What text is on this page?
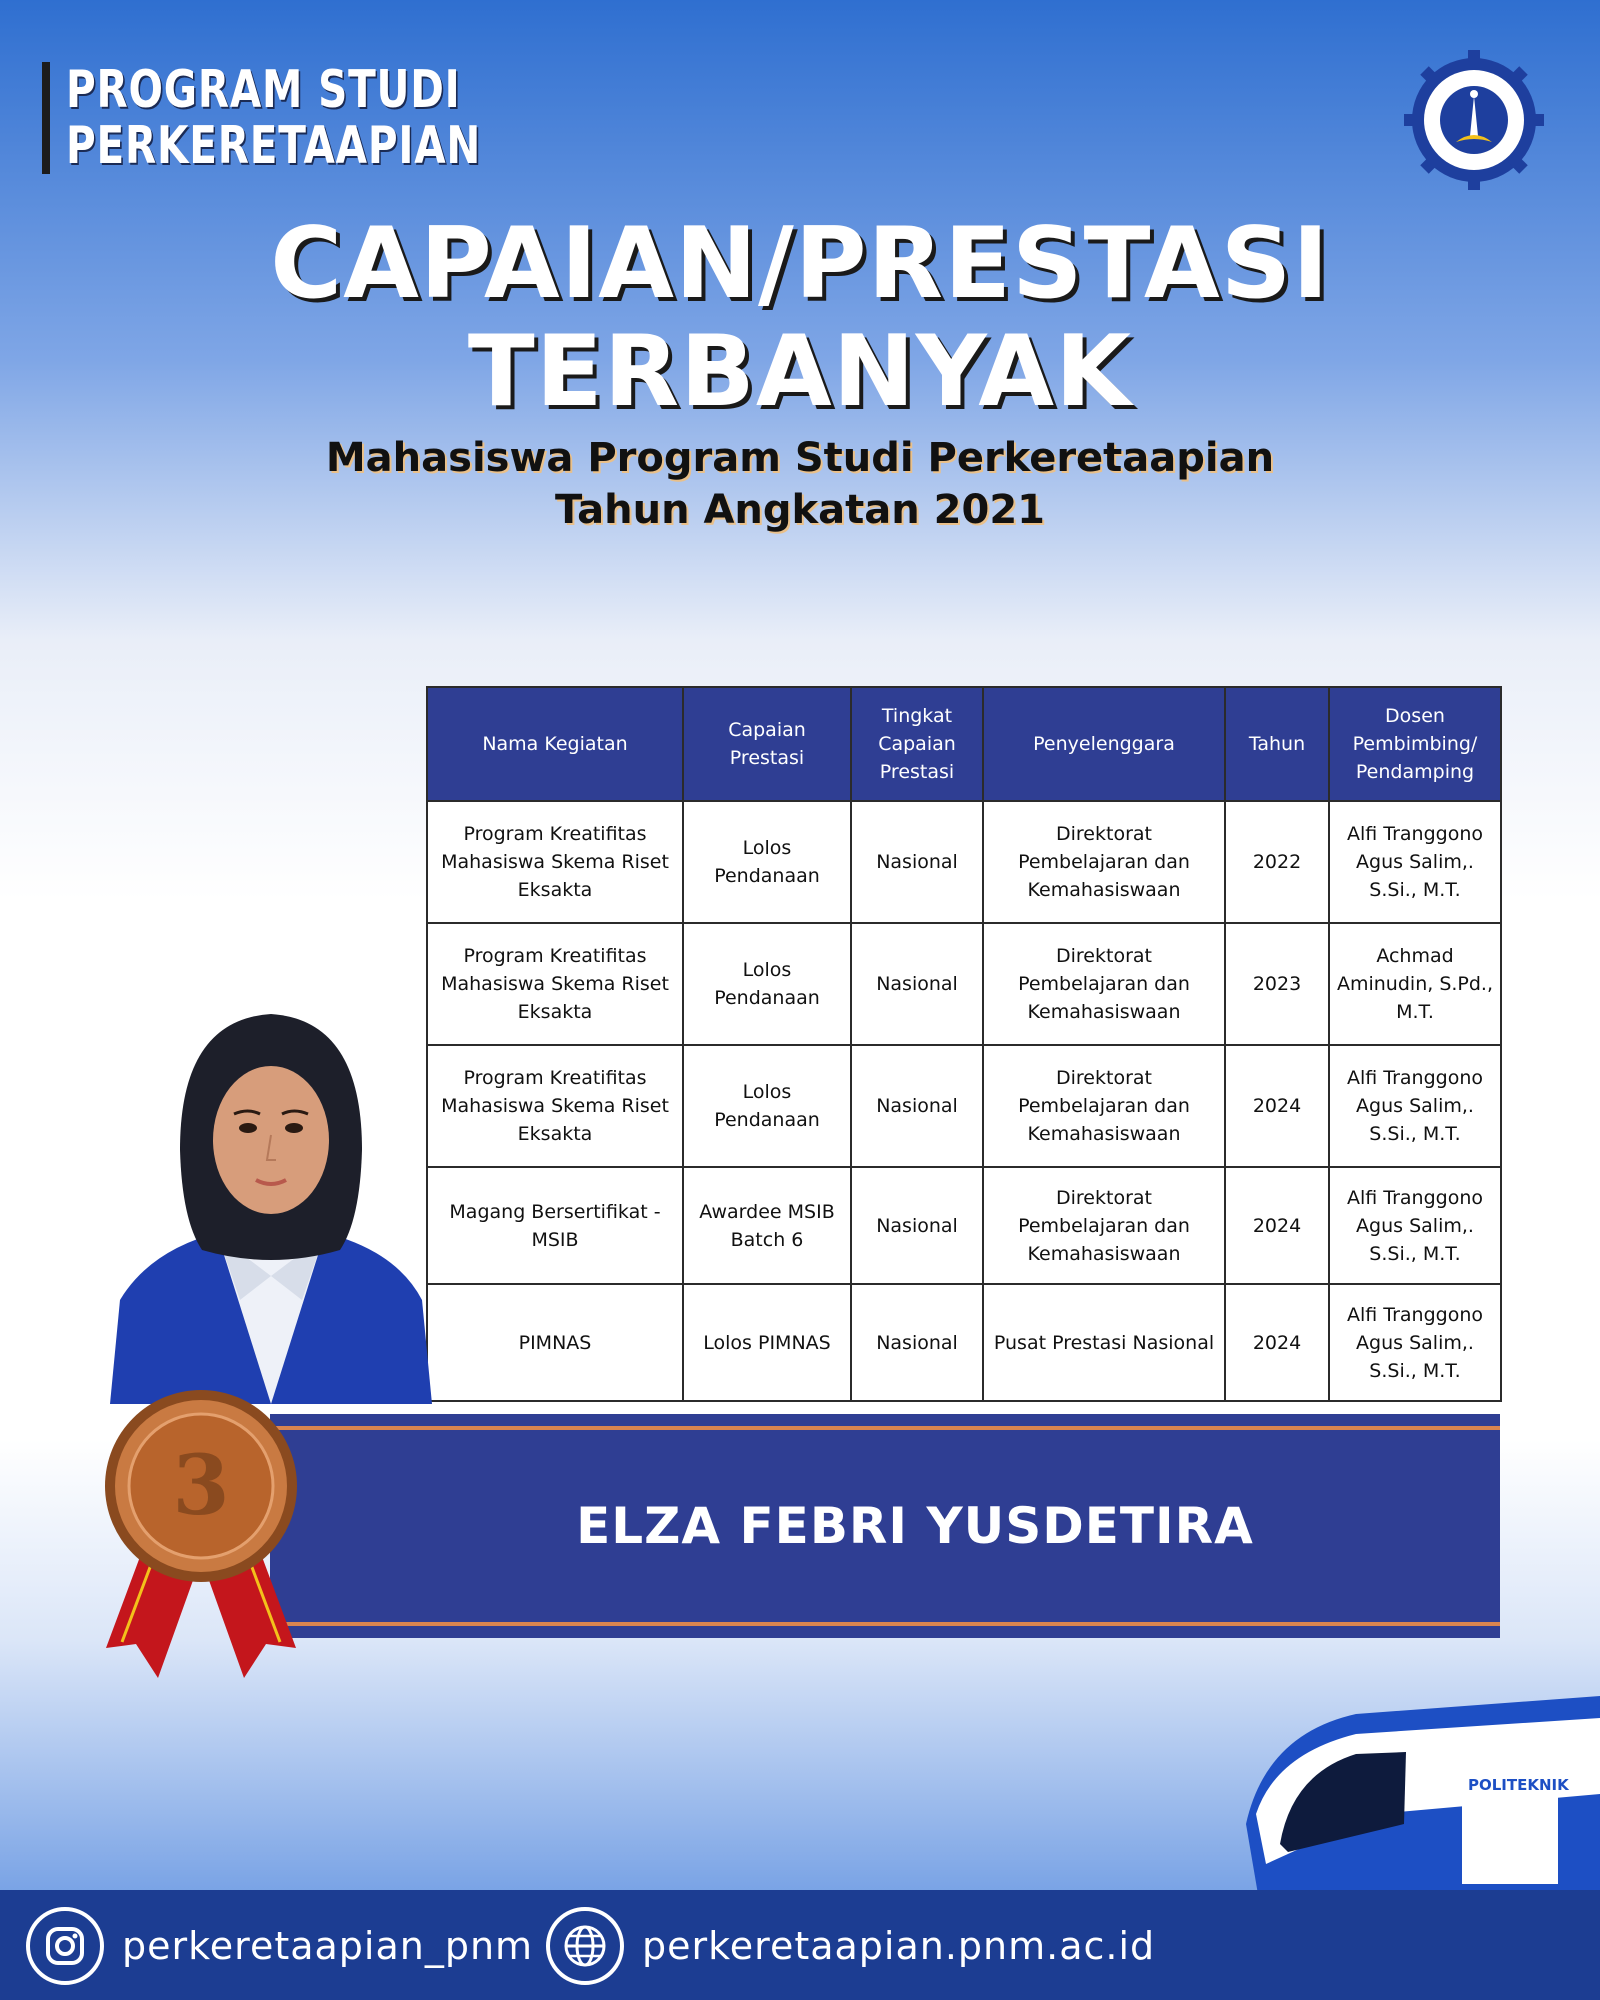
PROGRAM STUDI
PERKERETAAPIAN
CAPAIAN/PRESTASI
TERBANYAK
Mahasiswa Program Studi Perkeretaapian
Tahun Angkatan 2021
Nama Kegiatan	Capaian Prestasi	Tingkat Capaian Prestasi	Penyelenggara	Tahun	Dosen Pembimbing/ Pendamping
Program Kreatifitas Mahasiswa Skema Riset Eksakta	Lolos Pendanaan	Nasional	Direktorat Pembelajaran dan Kemahasiswaan	2022	Alfi Tranggono Agus Salim,. S.Si., M.T.
Program Kreatifitas Mahasiswa Skema Riset Eksakta	Lolos Pendanaan	Nasional	Direktorat Pembelajaran dan Kemahasiswaan	2023	Achmad Aminudin, S.Pd., M.T.
Program Kreatifitas Mahasiswa Skema Riset Eksakta	Lolos Pendanaan	Nasional	Direktorat Pembelajaran dan Kemahasiswaan	2024	Alfi Tranggono Agus Salim,. S.Si., M.T.
Magang Bersertifikat - MSIB	Awardee MSIB Batch 6	Nasional	Direktorat Pembelajaran dan Kemahasiswaan	2024	Alfi Tranggono Agus Salim,. S.Si., M.T.
PIMNAS	Lolos PIMNAS	Nasional	Pusat Prestasi Nasional	2024	Alfi Tranggono Agus Salim,. S.Si., M.T.
ELZA FEBRI YUSDETIRA
3
POLITEKNIK
perkeretaapian_pnm	perkeretaapian.pnm.ac.id
